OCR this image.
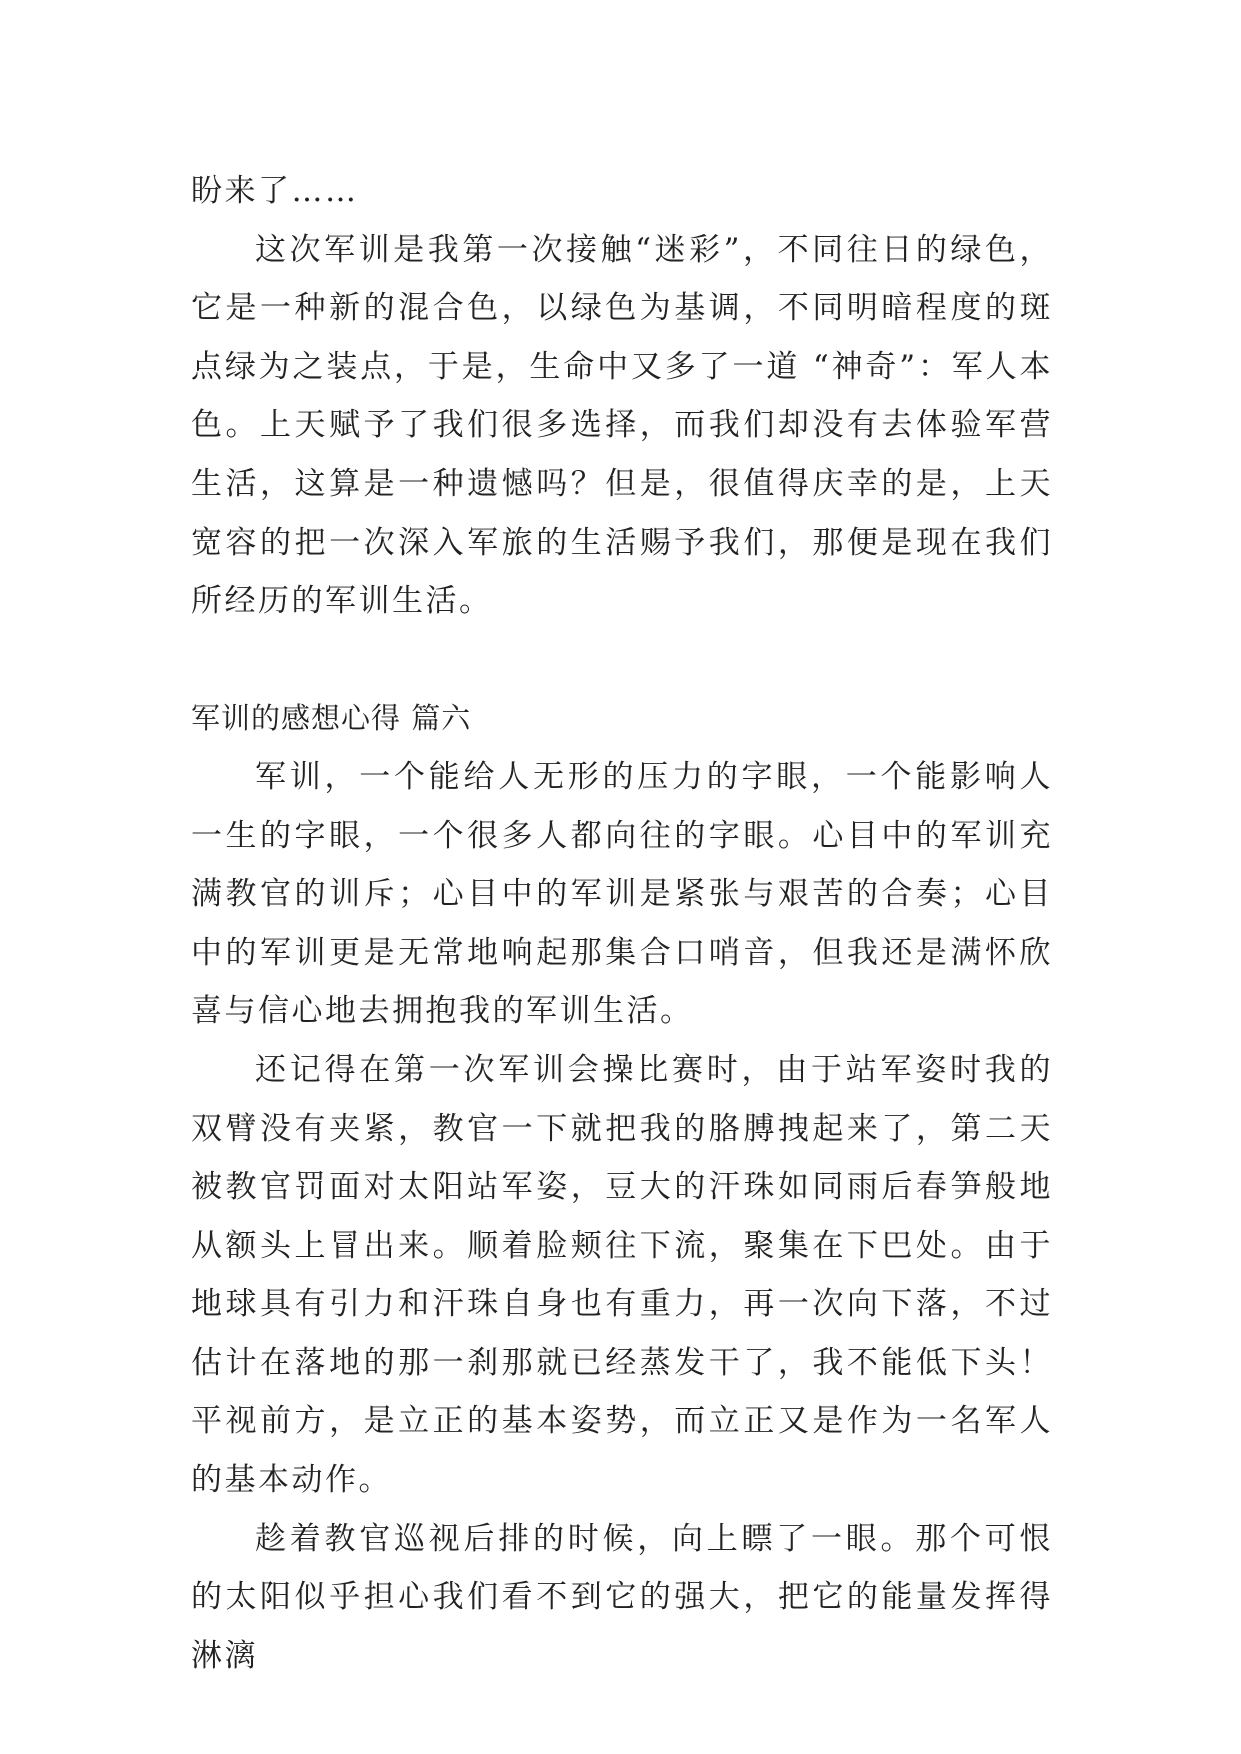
盼来了……

这次军训是我第一次接触“迷彩”，不同往日的绿色，它是一种新的混合色，以绿色为基调，不同明暗程度的斑点绿为之装点，于是，生命中又多了一道 “神奇”：军人本色。上天赋予了我们很多选择，而我们却没有去体验军营生活，这算是一种遗憾吗？但是，很值得庆幸的是，上天宽容的把一次深入军旅的生活赐予我们，那便是现在我们所经历的军训生活。

军训的感想心得 篇六

军训，一个能给人无形的压力的字眼，一个能影响人一生的字眼，一个很多人都向往的字眼。心目中的军训充满教官的训斥；心目中的军训是紧张与艰苦的合奏；心目中的军训更是无常地响起那集合口哨音，但我还是满怀欣喜与信心地去拥抱我的军训生活。

还记得在第一次军训会操比赛时，由于站军姿时我的双臂没有夹紧，教官一下就把我的胳膊拽起来了，第二天被教官罚面对太阳站军姿，豆大的汗珠如同雨后春笋般地从额头上冒出来。顺着脸颊往下流，聚集在下巴处。由于地球具有引力和汗珠自身也有重力，再一次向下落，不过估计在落地的那一刹那就已经蒸发干了，我不能低下头！平视前方，是立正的基本姿势，而立正又是作为一名军人的基本动作。

趁着教官巡视后排的时候，向上瞟了一眼。那个可恨的太阳似乎担心我们看不到它的强大，把它的能量发挥得淋漓
